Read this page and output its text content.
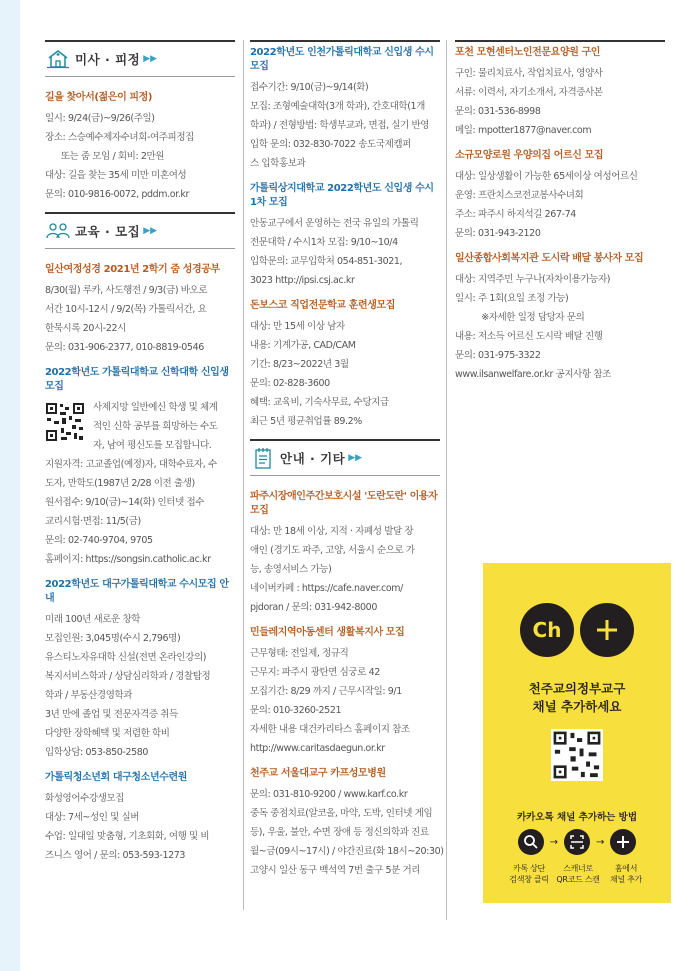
미사 · 피정 ▶▶
길을 찾아서(젊은이 피정)
일시: 9/24(금)~9/26(주일)
장소: 스승예수제자수녀회-여주피정집
또는 줌 모임 / 회비: 2만원
대상: 길을 찾는 35세 미만 미혼여성
문의: 010-9816-0072, pddm.or.kr
교육 · 모집 ▶▶
일산여정성경 2021년 2학기 줌 성경공부
8/30(월) 루카, 사도행전 / 9/3(금) 바오로
서간 10시-12시 / 9/2(목) 가톨릭서간, 요
한묵시록 20시-22시
문의: 031-906-2377, 010-8819-0546
2022학년도 가톨릭대학교 신학대학 신입생 모집
사제지망 일반예신 학생 및 체계
적인 신학 공부를 희망하는 수도
자, 남여 평신도를 모집합니다.
지원자격: 고교졸업(예정)자, 대학수료자, 수
도자, 만학도(1987년 2/28 이전 출생)
원서접수: 9/10(금)~14(화) 인터넷 접수
교리시험·면접: 11/5(금)
문의: 02-740-9704, 9705
홈페이지: https://songsin.catholic.ac.kr
2022학년도 대구가톨릭대학교 수시모집 안내
미래 100년 새로운 창학
모집인원: 3,045명(수시 2,796명)
유스티노자유대학 신설(전면 온라인강의)
복지서비스학과 / 상담심리학과 / 경찰탐정
학과 / 부동산경영학과
3년 만에 졸업 및 전문자격증 취득
다양한 장학혜택 및 저렴한 학비
입학상담: 053-850-2580
가톨릭청소년회 대구청소년수련원
화성영어수강생모집
대상: 7세~성인 및 실버
수업: 일대일 맞춤형, 기초회화, 여행 및 비
즈니스 영어 / 문의: 053-593-1273
2022학년도 인천가톨릭대학교 신입생 수시모집
접수기간: 9/10(금)~9/14(화)
모집: 조형예술대학(3개 학과), 간호대학(1개
학과) / 전형방법: 학생부교과, 면접, 실기 반영
입학 문의: 032-830-7022 송도국제캠퍼
스 입학홍보과
가톨릭상지대학교 2022학년도 신입생 수시1차 모집
안동교구에서 운영하는 전국 유일의 가톨릭
전문대학 / 수시1차 모집: 9/10~10/4
입학문의: 교무입학처 054-851-3021,
3023 http://ipsi.csj.ac.kr
돈보스코 직업전문학교 훈련생모집
대상: 만 15세 이상 남자
내용: 기계가공, CAD/CAM
기간: 8/23~2022년 3월
문의: 02-828-3600
혜택: 교육비, 기숙사무료, 수당지급
최근 5년 평균취업률 89.2%
안내 · 기타 ▶▶
파주시장애인주간보호시설 '도란도란' 이용자 모집
대상: 만 18세 이상, 지적 · 자폐성 발달 장
애인 (경기도 파주, 고양, 서울시 순으로 가
능, 송영서비스 가능)
네이버카페 : https://cafe.naver.com/
pjdoran / 문의: 031-942-8000
민들레지역아동센터 생활복지사 모집
근무형태: 전일제, 정규직
근무지: 파주시 광탄면 심궁로 42
모집기간: 8/29 까지 / 근무시작일: 9/1
문의: 010-3260-2521
자세한 내용 대건카리타스 홈페이지 참조
http://www.caritasdaegun.or.kr
천주교 서울대교구 카프성모병원
문의: 031-810-9200 / www.karf.co.kr
중독 중점치료(알코올, 마약, 도박, 인터넷 게임
등), 우울, 불안, 수면 장애 등 정신의학과 진료
월~금(09시~17시) / 야간진료(화 18시~20:30)
고양시 일산 동구 백석역 7번 출구 5분 거리
포천 모현센터노인전문요양원 구인
구인: 물리치료사, 작업치료사, 영양사
서류: 이력서, 자기소개서, 자격증사본
문의: 031-536-8998
메일: mpotter1877@naver.com
소규모양로원 우양의집 어르신 모집
대상: 일상생활이 가능한 65세이상 여성어르신
운영: 프란치스코전교봉사수녀회
주소: 파주시 하지석길 267-74
문의: 031-943-2120
일산종합사회복지관 도시락 배달 봉사자 모집
대상: 지역주민 누구나(자차이용가능자)
일시: 주 1회(요일 조정 가능)
※자세한 일정 담당자 문의
내용: 저소득 어르신 도시락 배달 진행
문의: 031-975-3322
www.ilsanwelfare.or.kr 공지사항 참조
Ch
천주교의정부교구
채널 추가하세요
카카오톡 채널 추가하는 방법
→	→
카톡 상단
검색창 클릭
스캐너로
QR코드 스캔
홈에서
채널 추가
